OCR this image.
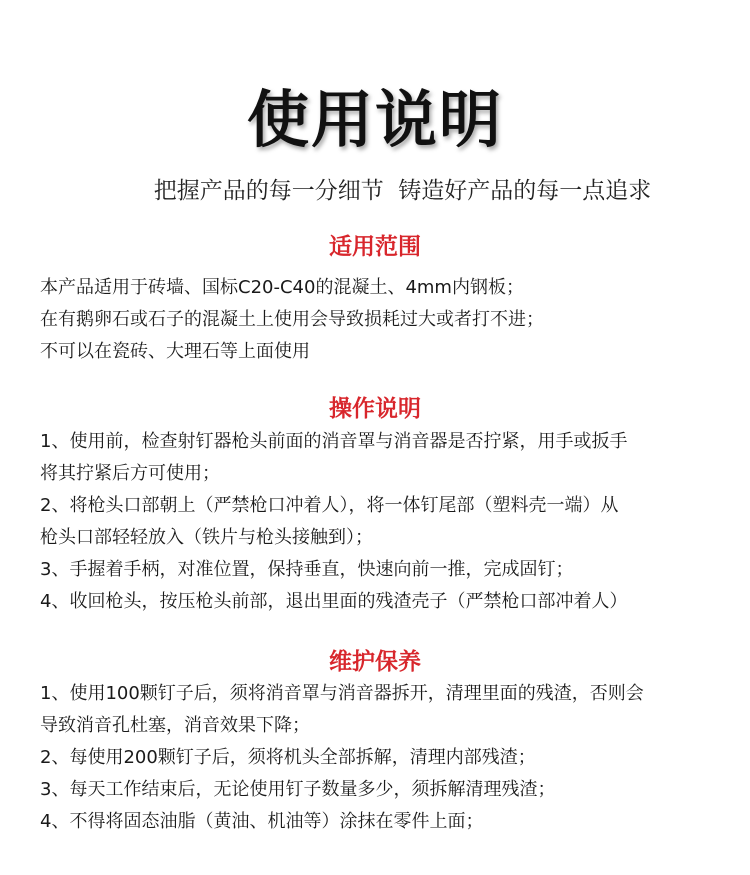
使用说明
把握产品的每一分细节  铸造好产品的每一点追求
适用范围
本产品适用于砖墙、国标C20-C40的混凝土、4mm内钢板；
在有鹅卵石或石子的混凝土上使用会导致损耗过大或者打不进；
不可以在瓷砖、大理石等上面使用
操作说明
1、使用前，检查射钉器枪头前面的消音罩与消音器是否拧紧，用手或扳手
将其拧紧后方可使用；
2、将枪头口部朝上（严禁枪口冲着人），将一体钉尾部（塑料壳一端）从
枪头口部轻轻放入（铁片与枪头接触到）；
3、手握着手柄，对准位置，保持垂直，快速向前一推，完成固钉；
4、收回枪头，按压枪头前部，退出里面的残渣壳子（严禁枪口部冲着人）
维护保养
1、使用100颗钉子后，须将消音罩与消音器拆开，清理里面的残渣，否则会
导致消音孔杜塞，消音效果下降；
2、每使用200颗钉子后，须将机头全部拆解，清理内部残渣；
3、每天工作结束后，无论使用钉子数量多少，须拆解清理残渣；
4、不得将固态油脂（黄油、机油等）涂抹在零件上面；
